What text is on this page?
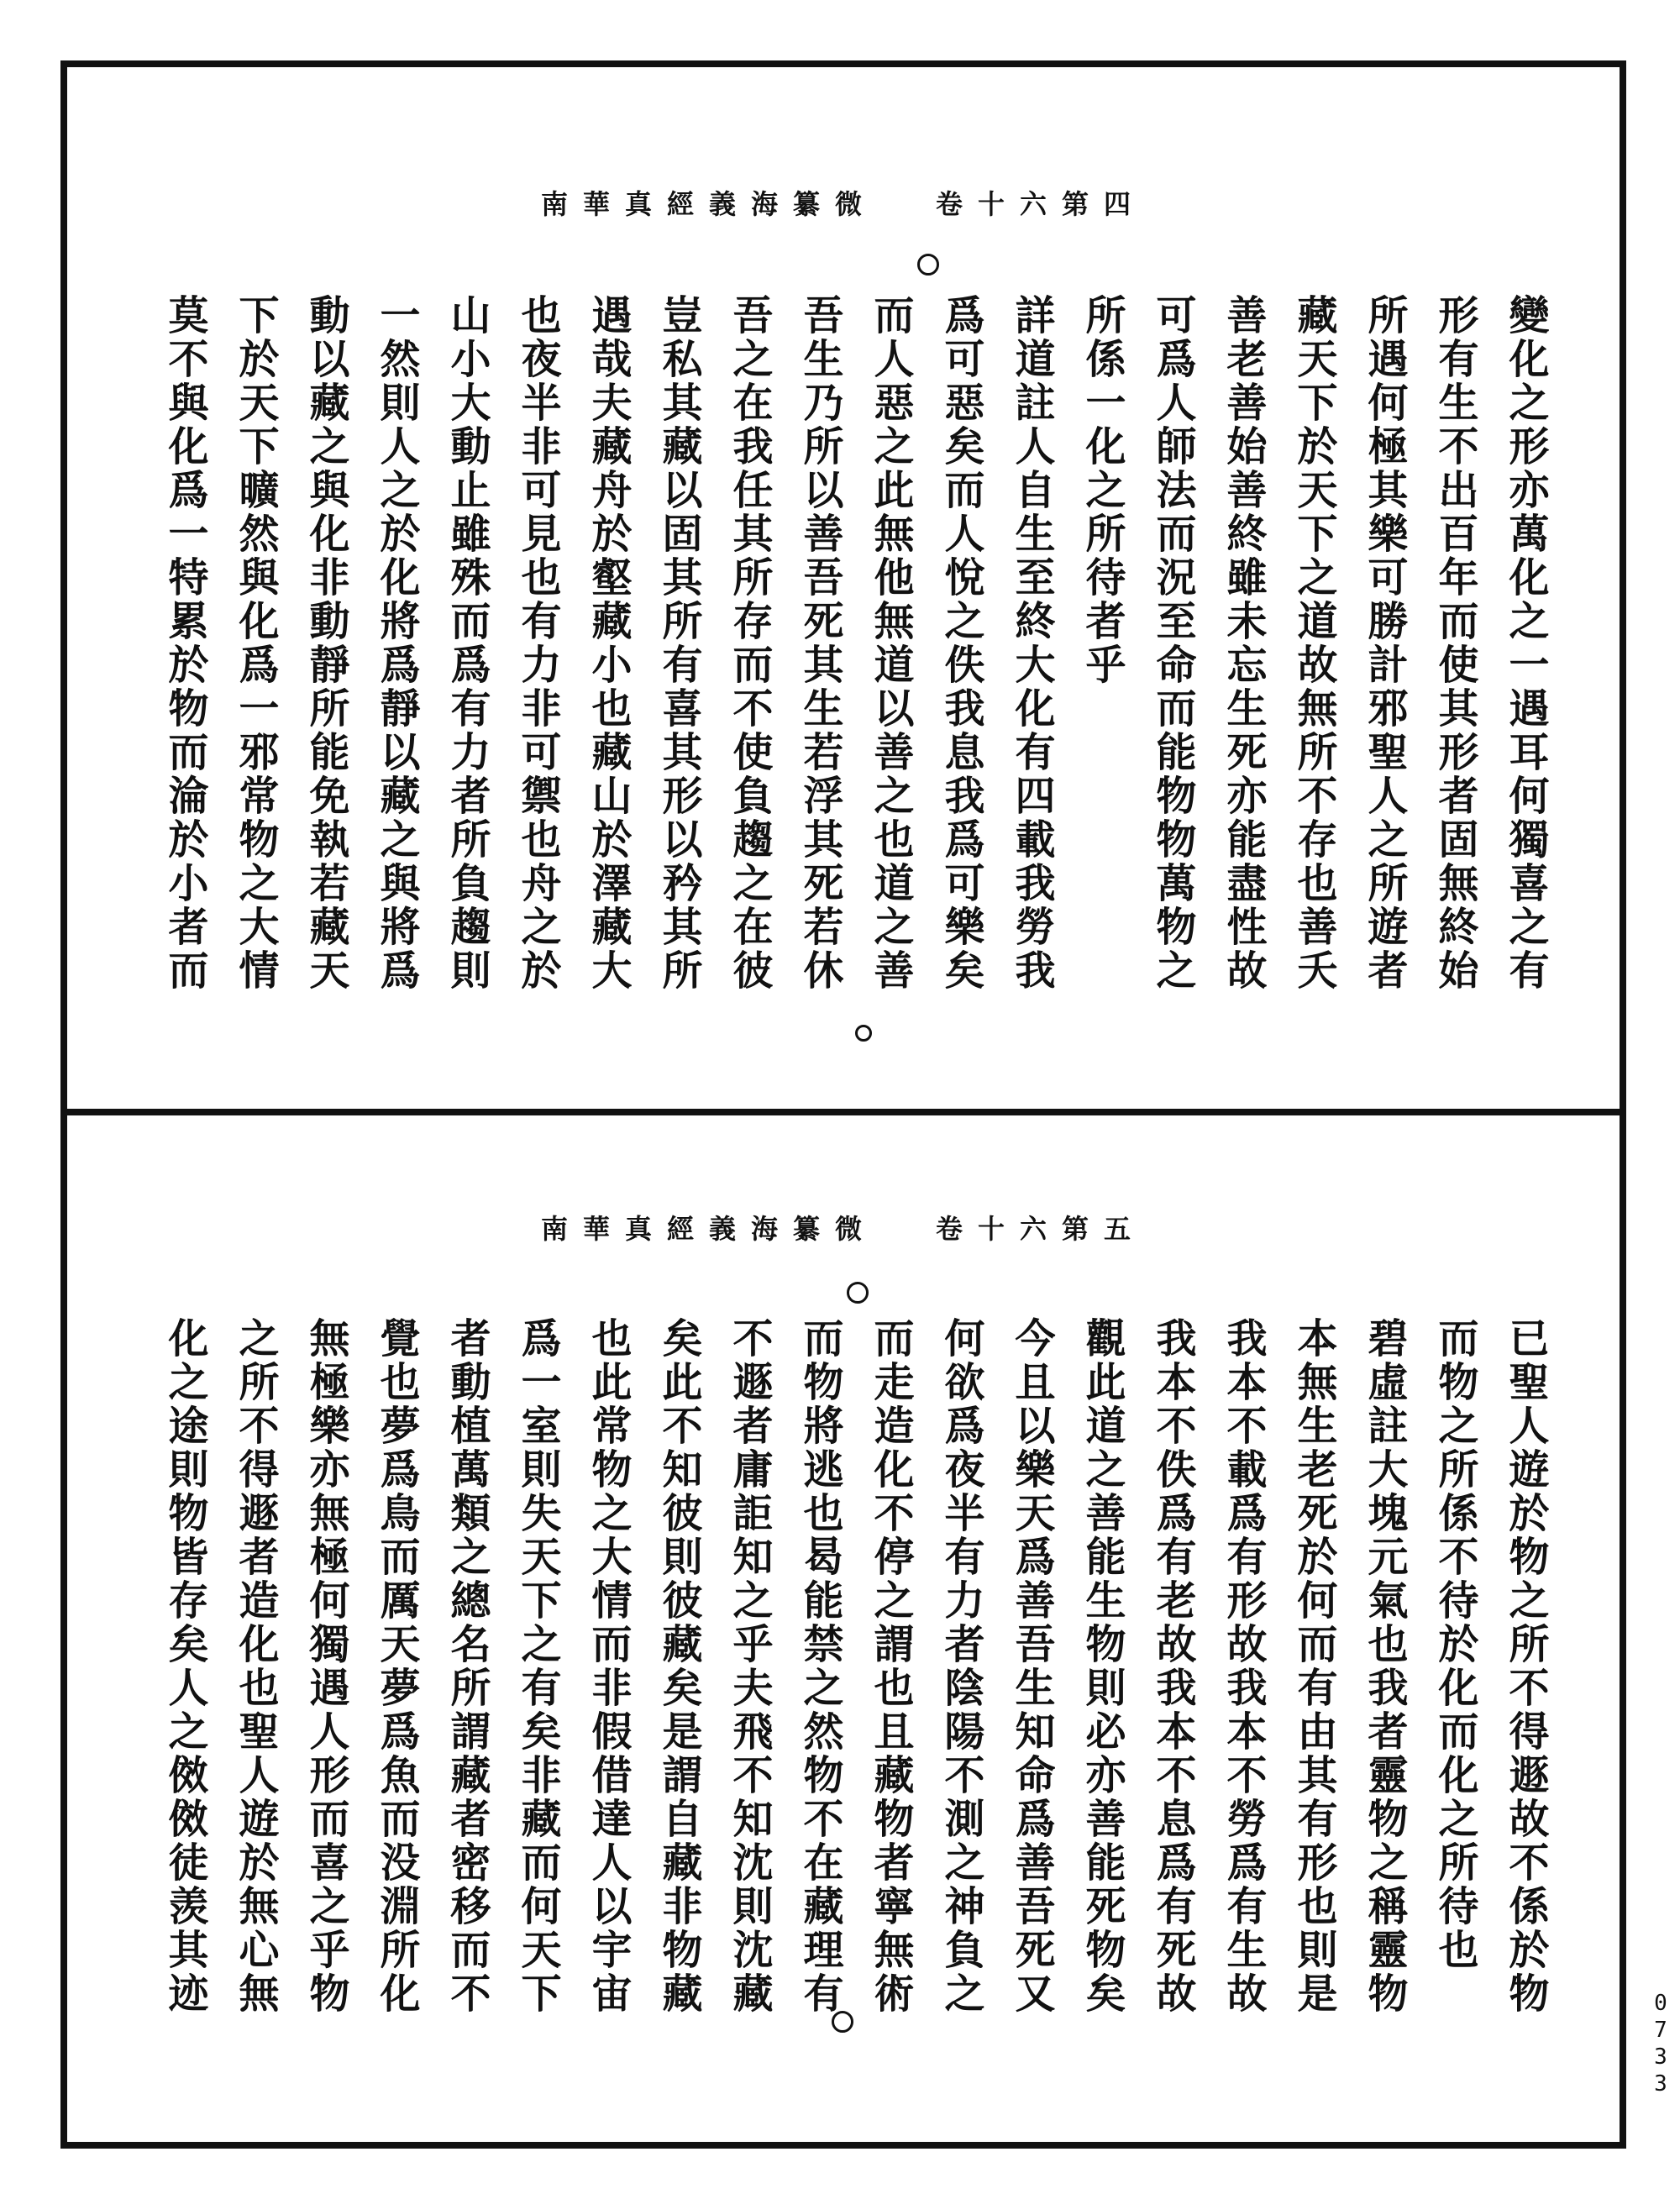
南華真經義海纂微 卷十六第四
變化之形亦萬化之一遇耳何獨喜之有
形有生不出百年而使其形者固無終始
所遇何極其樂可勝計邪聖人之所遊者
藏天下於天下之道故無所不存也善夭
善老善始善終雖未忘生死亦能盡性故
可爲人師法而況至命而能物物萬物之
所係一化之所待者乎
詳道註人自生至終大化有四載我勞我
爲可惡矣而人悅之佚我息我爲可樂矣
而人惡之此無他無道以善之也道之善
吾生乃所以善吾死其生若浮其死若休
吾之在我任其所存而不使負趨之在彼
豈私其藏以固其所有喜其形以矜其所
遇哉夫藏舟於壑藏小也藏山於澤藏大
也夜半非可見也有力非可禦也舟之於
山小大動止雖殊而爲有力者所負趨則
一然則人之於化將爲靜以藏之與將爲
動以藏之與化非動靜所能免執若藏天
下於天下曠然與化爲一邪常物之大情
莫不與化爲一特累於物而淪於小者而
南華真經義海纂微 卷十六第五
已聖人遊於物之所不得遯故不係於物
而物之所係不待於化而化之所待也
碧虛註大塊元氣也我者靈物之稱靈物
本無生老死於何而有由其有形也則是
我本不載爲有形故我本不勞爲有生故
我本不佚爲有老故我本不息爲有死故
觀此道之善能生物則必亦善能死物矣
今且以樂天爲善吾生知命爲善吾死又
何欲爲夜半有力者陰陽不測之神負之
而走造化不停之謂也且藏物者寧無術
而物將逃也曷能禁之然物不在藏理有
不遯者庸詎知之乎夫飛不知沈則沈藏
矣此不知彼則彼藏矣是謂自藏非物藏
也此常物之大情而非假借達人以宇宙
爲一室則失天下之有矣非藏而何天下
者動植萬類之總名所謂藏者密移而不
覺也夢爲鳥而厲天夢爲魚而没淵所化
無極樂亦無極何獨遇人形而喜之乎物
之所不得遯者造化也聖人遊於無心無
化之途則物皆存矣人之傚傚徒羡其迹
0733
